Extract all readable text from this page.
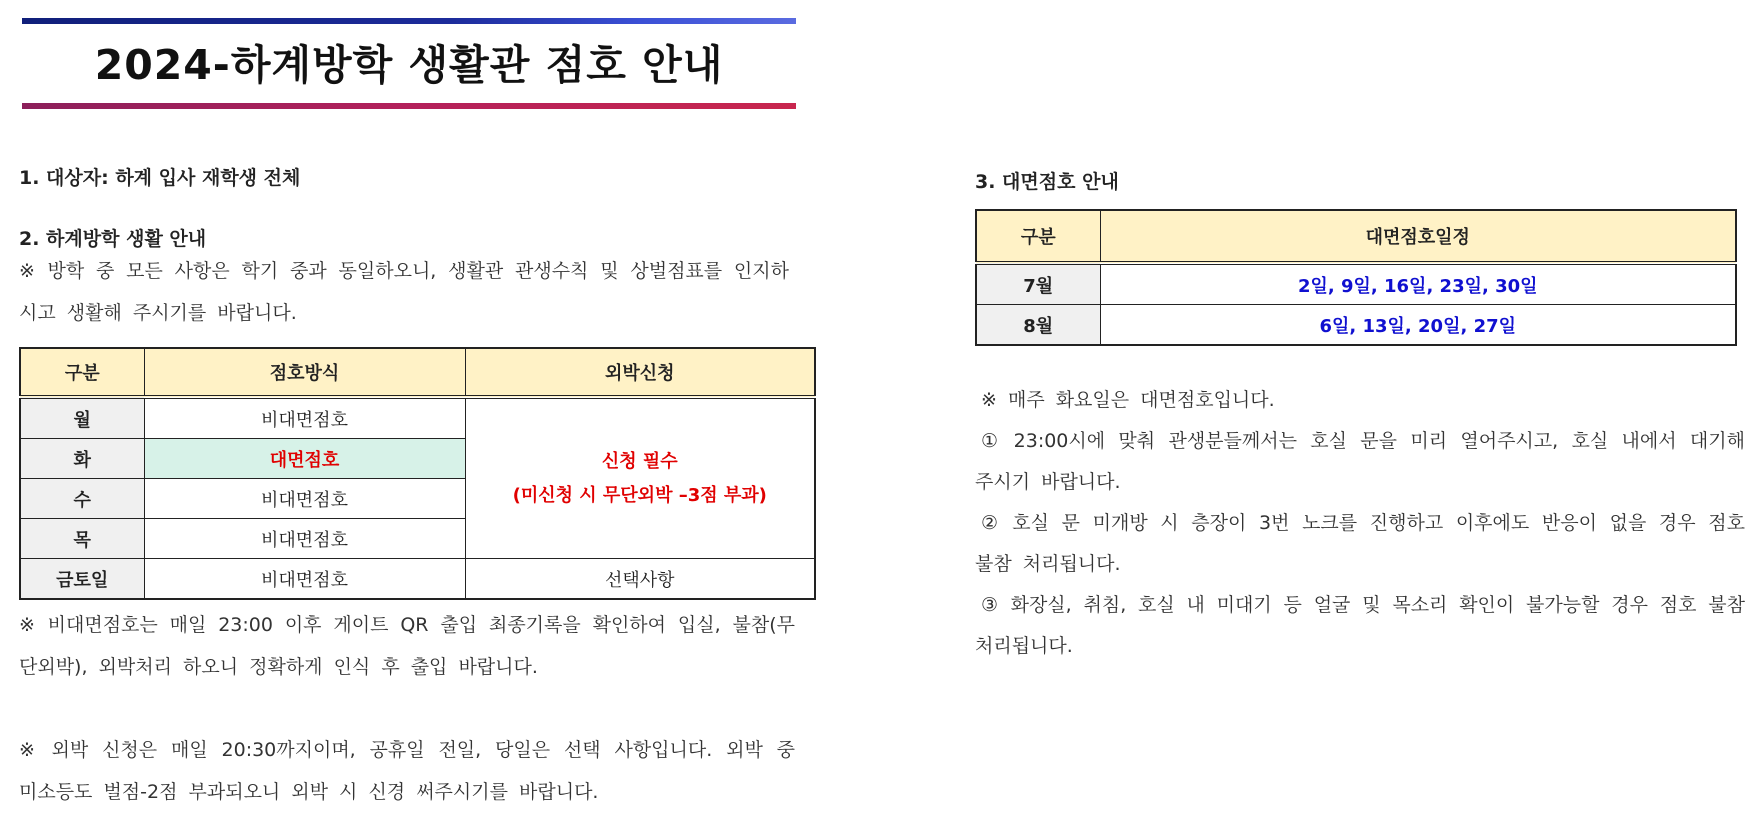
2024-하계방학 생활관 점호 안내
1. 대상자: 하계 입사 재학생 전체
2. 하계방학 생활 안내
※ 방학 중 모든 사항은 학기 중과 동일하오니, 생활관 관생수칙 및 상벌점표를 인지하
시고 생활해 주시기를 바랍니다.
구분	점호방식	외박신청
월	비대면점호	신청 필수
(미신청 시 무단외박 –3점 부과)

화	대면점호	
수	비대면점호	
목	비대면점호	
금토일	비대면점호	선택사항
※ 비대면점호는 매일 23:00 이후 게이트 QR 출입 최종기록을 확인하여 입실, 불참(무
단외박), 외박처리 하오니 정확하게 인식 후 출입 바랍니다.
※ 외박 신청은 매일 20:30까지이며, 공휴일 전일, 당일은 선택 사항입니다. 외박 중
미소등도 벌점-2점 부과되오니 외박 시 신경 써주시기를 바랍니다.
3. 대면점호 안내
구분	대면점호일정
7월	2일, 9일, 16일, 23일, 30일
8월	6일, 13일, 20일, 27일
※ 매주 화요일은 대면점호입니다.
① 23:00시에 맞춰 관생분들께서는 호실 문을 미리 열어주시고, 호실 내에서 대기해
주시기 바랍니다.
② 호실 문 미개방 시 층장이 3번 노크를 진행하고 이후에도 반응이 없을 경우 점호
불참 처리됩니다.
③ 화장실, 취침, 호실 내 미대기 등 얼굴 및 목소리 확인이 불가능할 경우 점호 불참
처리됩니다.
